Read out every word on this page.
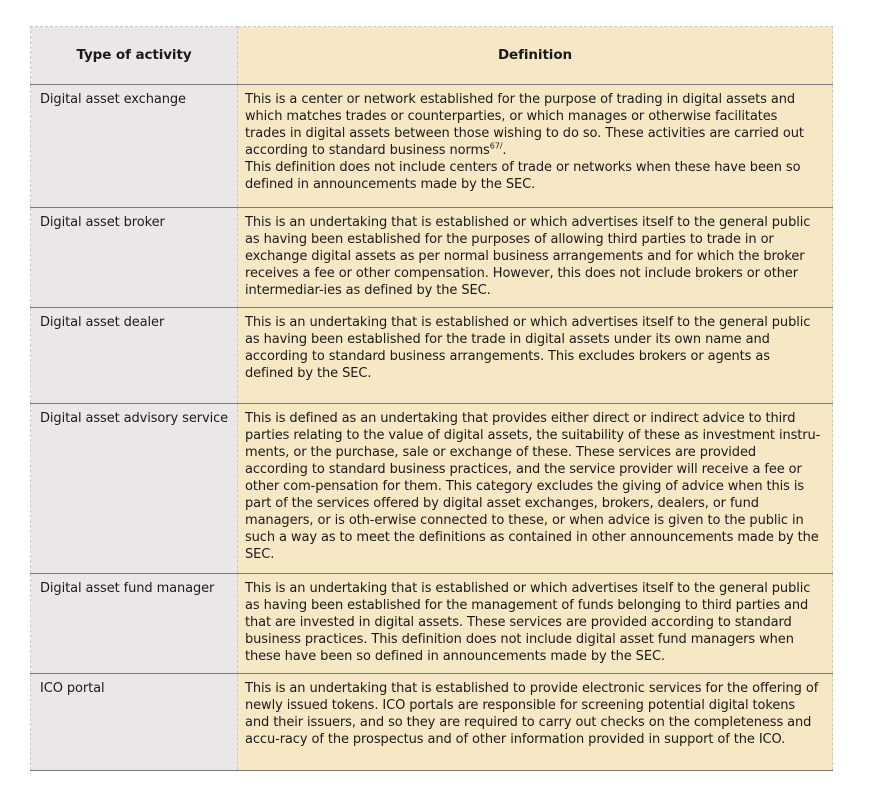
Type of activity	Definition
Digital asset exchange	This is a center or network established for the purpose of trading in digital assets and which matches trades or counterparties, or which manages or otherwise facilitates trades in digital assets between those wishing to do so. These activities are carried out according to standard business norms$^{67/}$.
This definition does not include centers of trade or networks when these have been so defined in announcements made by the SEC.

Digital asset broker	This is an undertaking that is established or which advertises itself to the general public as having been established for the purposes of allowing third parties to trade in or exchange digital assets as per normal business arrangements and for which the broker receives a fee or other compensation. However, this does not include brokers or other intermediar-ies as defined by the SEC.
Digital asset dealer	This is an undertaking that is established or which advertises itself to the general public as having been established for the trade in digital assets under its own name and according to standard business arrangements. This excludes brokers or agents as defined by the SEC.
Digital asset advisory service	This is defined as an undertaking that provides either direct or indirect advice to third parties relating to the value of digital assets, the suitability of these as investment instru-ments, or the purchase, sale or exchange of these. These services are provided according to standard business practices, and the service provider will receive a fee or other com-pensation for them. This category excludes the giving of advice when this is part of the services offered by digital asset exchanges, brokers, dealers, or fund managers, or is oth-erwise connected to these, or when advice is given to the public in such a way as to meet the definitions as contained in other announcements made by the SEC.
Digital asset fund manager	This is an undertaking that is established or which advertises itself to the general public as having been established for the management of funds belonging to third parties and that are invested in digital assets. These services are provided according to standard business practices. This definition does not include digital asset fund managers when these have been so defined in announcements made by the SEC.
ICO portal	This is an undertaking that is established to provide electronic services for the offering of newly issued tokens. ICO portals are responsible for screening potential digital tokens and their issuers, and so they are required to carry out checks on the completeness and accu-racy of the prospectus and of other information provided in support of the ICO.
